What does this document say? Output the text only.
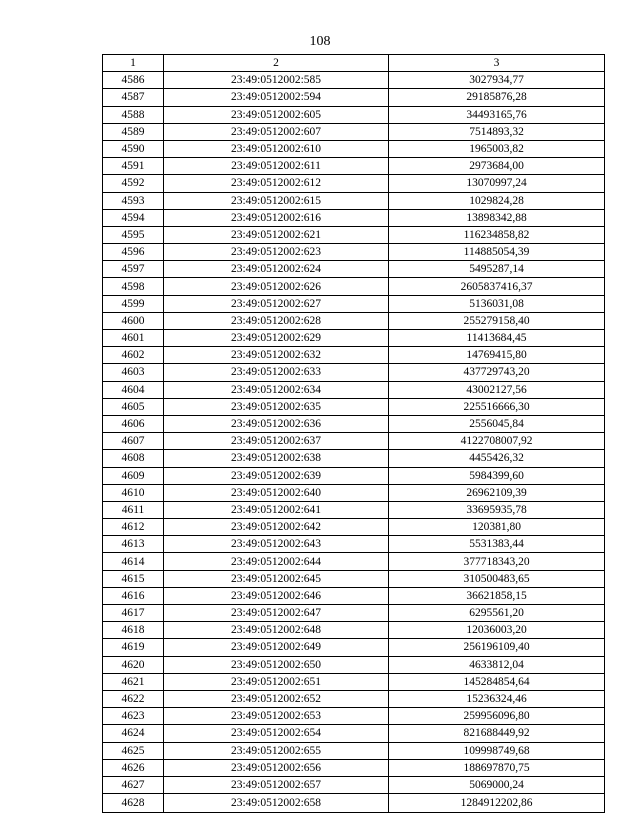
108
1	2	3
4586	23:49:0512002:585	3027934,77
4587	23:49:0512002:594	29185876,28
4588	23:49:0512002:605	34493165,76
4589	23:49:0512002:607	7514893,32
4590	23:49:0512002:610	1965003,82
4591	23:49:0512002:611	2973684,00
4592	23:49:0512002:612	13070997,24
4593	23:49:0512002:615	1029824,28
4594	23:49:0512002:616	13898342,88
4595	23:49:0512002:621	116234858,82
4596	23:49:0512002:623	114885054,39
4597	23:49:0512002:624	5495287,14
4598	23:49:0512002:626	2605837416,37
4599	23:49:0512002:627	5136031,08
4600	23:49:0512002:628	255279158,40
4601	23:49:0512002:629	11413684,45
4602	23:49:0512002:632	14769415,80
4603	23:49:0512002:633	437729743,20
4604	23:49:0512002:634	43002127,56
4605	23:49:0512002:635	225516666,30
4606	23:49:0512002:636	2556045,84
4607	23:49:0512002:637	4122708007,92
4608	23:49:0512002:638	4455426,32
4609	23:49:0512002:639	5984399,60
4610	23:49:0512002:640	26962109,39
4611	23:49:0512002:641	33695935,78
4612	23:49:0512002:642	120381,80
4613	23:49:0512002:643	5531383,44
4614	23:49:0512002:644	377718343,20
4615	23:49:0512002:645	310500483,65
4616	23:49:0512002:646	36621858,15
4617	23:49:0512002:647	6295561,20
4618	23:49:0512002:648	12036003,20
4619	23:49:0512002:649	256196109,40
4620	23:49:0512002:650	4633812,04
4621	23:49:0512002:651	145284854,64
4622	23:49:0512002:652	15236324,46
4623	23:49:0512002:653	259956096,80
4624	23:49:0512002:654	821688449,92
4625	23:49:0512002:655	109998749,68
4626	23:49:0512002:656	188697870,75
4627	23:49:0512002:657	5069000,24
4628	23:49:0512002:658	1284912202,86
